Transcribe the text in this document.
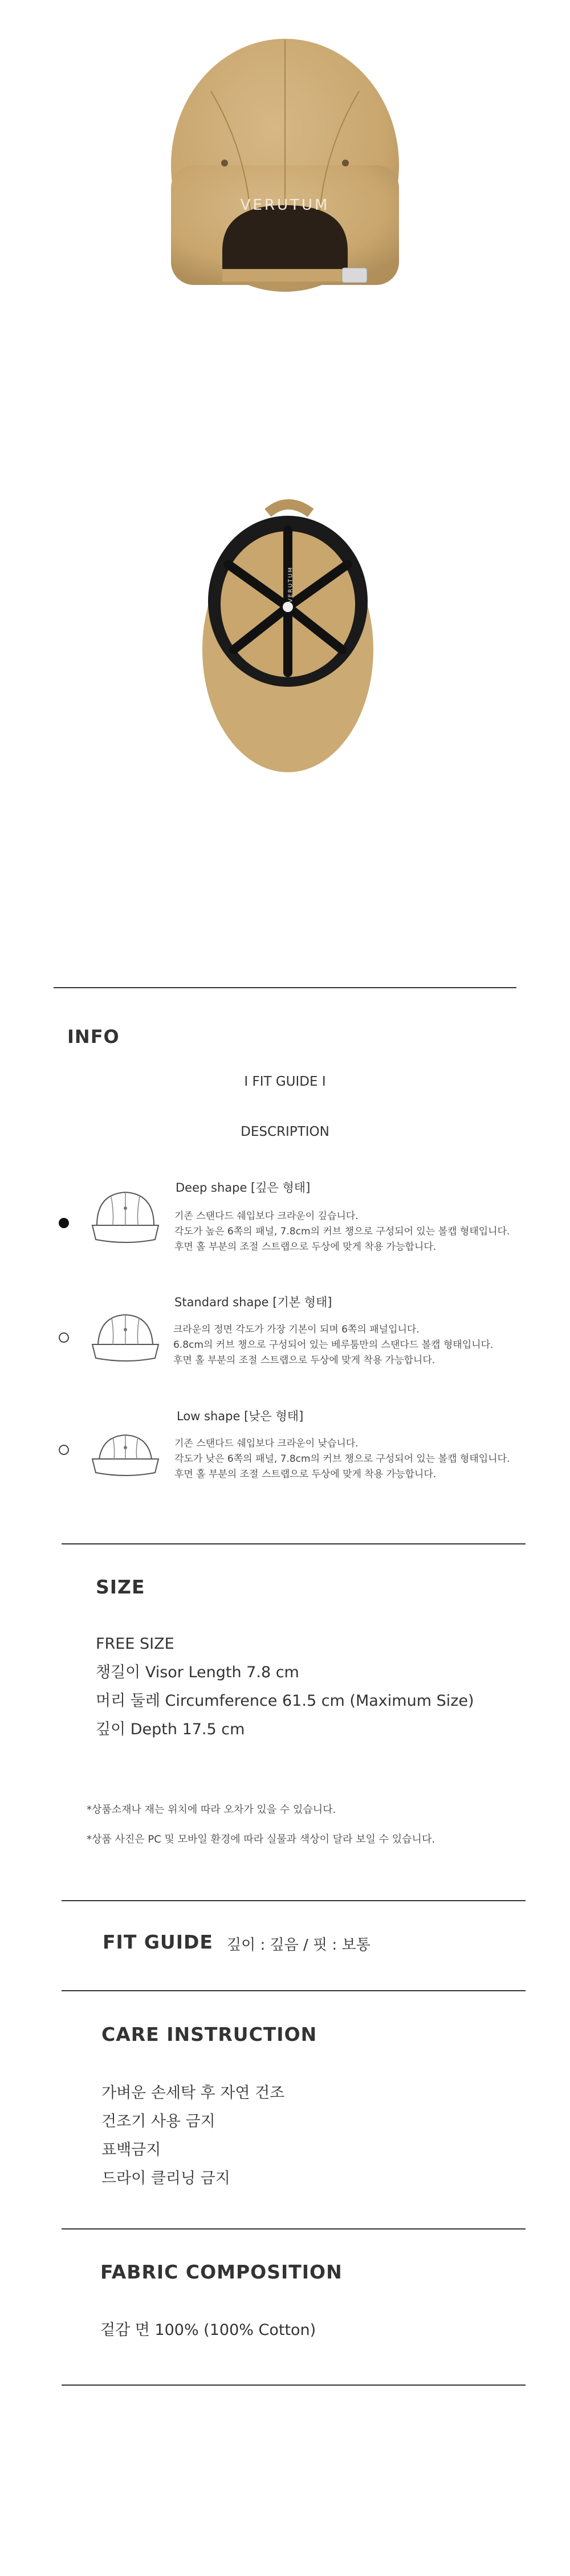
VERUTUM
VERUTUM
INFO
I FIT GUIDE I
DESCRIPTION
Deep shape [깊은 형태]
기존 스탠다드 쉐입보다 크라운이 깊습니다.
각도가 높은 6쪽의 패널, 7.8cm의 커브 챙으로 구성되어 있는 볼캡 형태입니다.
후면 홀 부분의 조절 스트랩으로 두상에 맞게 착용 가능합니다.
Standard shape [기본 형태]
크라운의 정면 각도가 가장 기본이 되며 6쪽의 패널입니다.
6.8cm의 커브 챙으로 구성되어 있는 베루툼만의 스탠다드 볼캡 형태입니다.
후면 홀 부분의 조절 스트랩으로 두상에 맞게 착용 가능합니다.
Low shape [낮은 형태]
기존 스탠다드 쉐입보다 크라운이 낮습니다.
각도가 낮은 6쪽의 패널, 7.8cm의 커브 챙으로 구성되어 있는 볼캡 형태입니다.
후면 홀 부분의 조절 스트랩으로 두상에 맞게 착용 가능합니다.
SIZE
FREE SIZE
챙길이 Visor Length 7.8 cm
머리 둘레 Circumference 61.5 cm (Maximum Size)
깊이 Depth 17.5 cm
*상품소재나 재는 위치에 따라 오차가 있을 수 있습니다.
*상품 사진은 PC 및 모바일 환경에 따라 실물과 색상이 달라 보일 수 있습니다.
FIT GUIDE 깊이 : 깊음 / 핏 : 보통
CARE INSTRUCTION
가벼운 손세탁 후 자연 건조
건조기 사용 금지
표백금지
드라이 클리닝 금지
FABRIC COMPOSITION
겉감 면 100% (100% Cotton)
